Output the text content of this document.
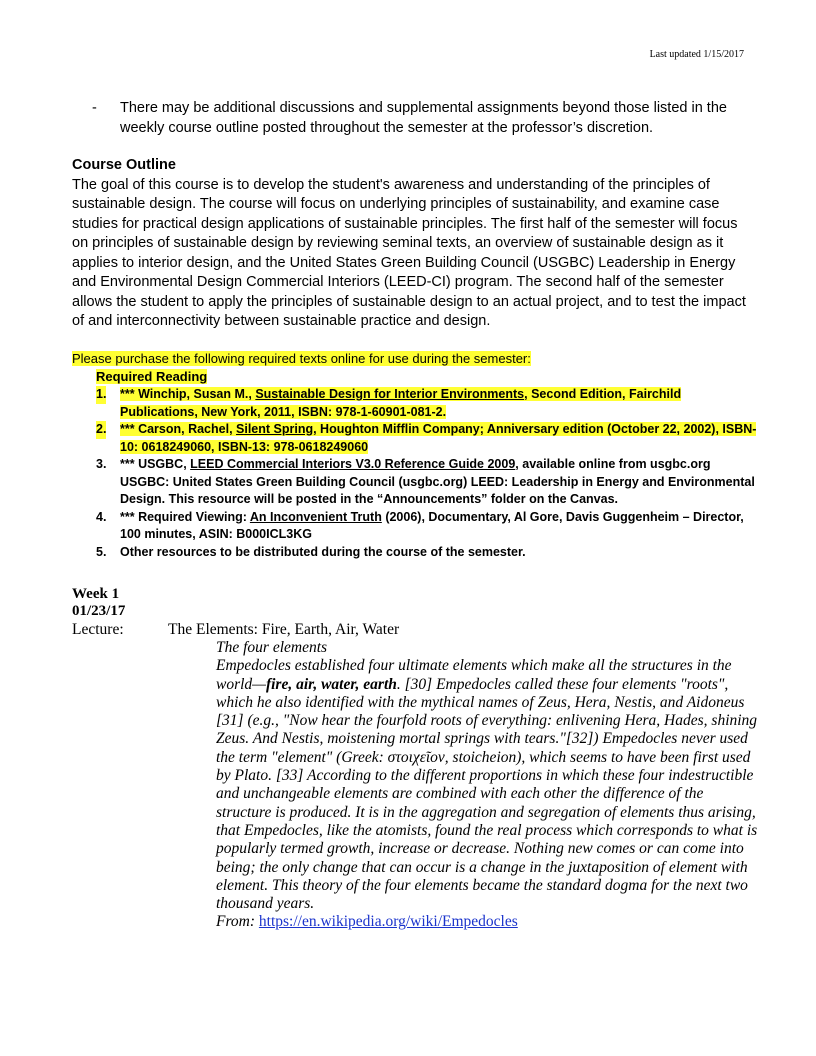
Last updated 1/15/2017
- There may be additional discussions and supplemental assignments beyond those listed in the weekly course outline posted throughout the semester at the professor’s discretion.
Course Outline
The goal of this course is to develop the student's awareness and understanding of the principles of sustainable design. The course will focus on underlying principles of sustainability, and examine case studies for practical design applications of sustainable principles. The first half of the semester will focus on principles of sustainable design by reviewing seminal texts, an overview of sustainable design as it applies to interior design, and the United States Green Building Council (USGBC) Leadership in Energy and Environmental Design Commercial Interiors (LEED-CI) program. The second half of the semester allows the student to apply the principles of sustainable design to an actual project, and to test the impact of and interconnectivity between sustainable practice and design.
Please purchase the following required texts online for use during the semester:
Required Reading
1. *** Winchip, Susan M., Sustainable Design for Interior Environments, Second Edition, Fairchild Publications, New York, 2011, ISBN: 978-1-60901-081-2.
2. *** Carson, Rachel, Silent Spring, Houghton Mifflin Company; Anniversary edition (October 22, 2002), ISBN-10: 0618249060, ISBN-13: 978-0618249060
3. *** USGBC, LEED Commercial Interiors V3.0 Reference Guide 2009, available online from usgbc.org USGBC: United States Green Building Council (usgbc.org) LEED: Leadership in Energy and Environmental Design. This resource will be posted in the “Announcements” folder on the Canvas.
4. *** Required Viewing: An Inconvenient Truth (2006), Documentary, Al Gore, Davis Guggenheim – Director, 100 minutes, ASIN: B000ICL3KG
5. Other resources to be distributed during the course of the semester.
Week 1
01/23/17
Lecture:	The Elements: Fire, Earth, Air, Water
The four elements
Empedocles established four ultimate elements which make all the structures in the world—fire, air, water, earth. [30] Empedocles called these four elements "roots", which he also identified with the mythical names of Zeus, Hera, Nestis, and Aidoneus [31] (e.g., "Now hear the fourfold roots of everything: enlivening Hera, Hades, shining Zeus. And Nestis, moistening mortal springs with tears."[32]) Empedocles never used the term "element" (Greek: στοιχεῖον, stoicheion), which seems to have been first used by Plato. [33] According to the different proportions in which these four indestructible and unchangeable elements are combined with each other the difference of the structure is produced. It is in the aggregation and segregation of elements thus arising, that Empedocles, like the atomists, found the real process which corresponds to what is popularly termed growth, increase or decrease. Nothing new comes or can come into being; the only change that can occur is a change in the juxtaposition of element with element. This theory of the four elements became the standard dogma for the next two thousand years.
From: https://en.wikipedia.org/wiki/Empedocles
